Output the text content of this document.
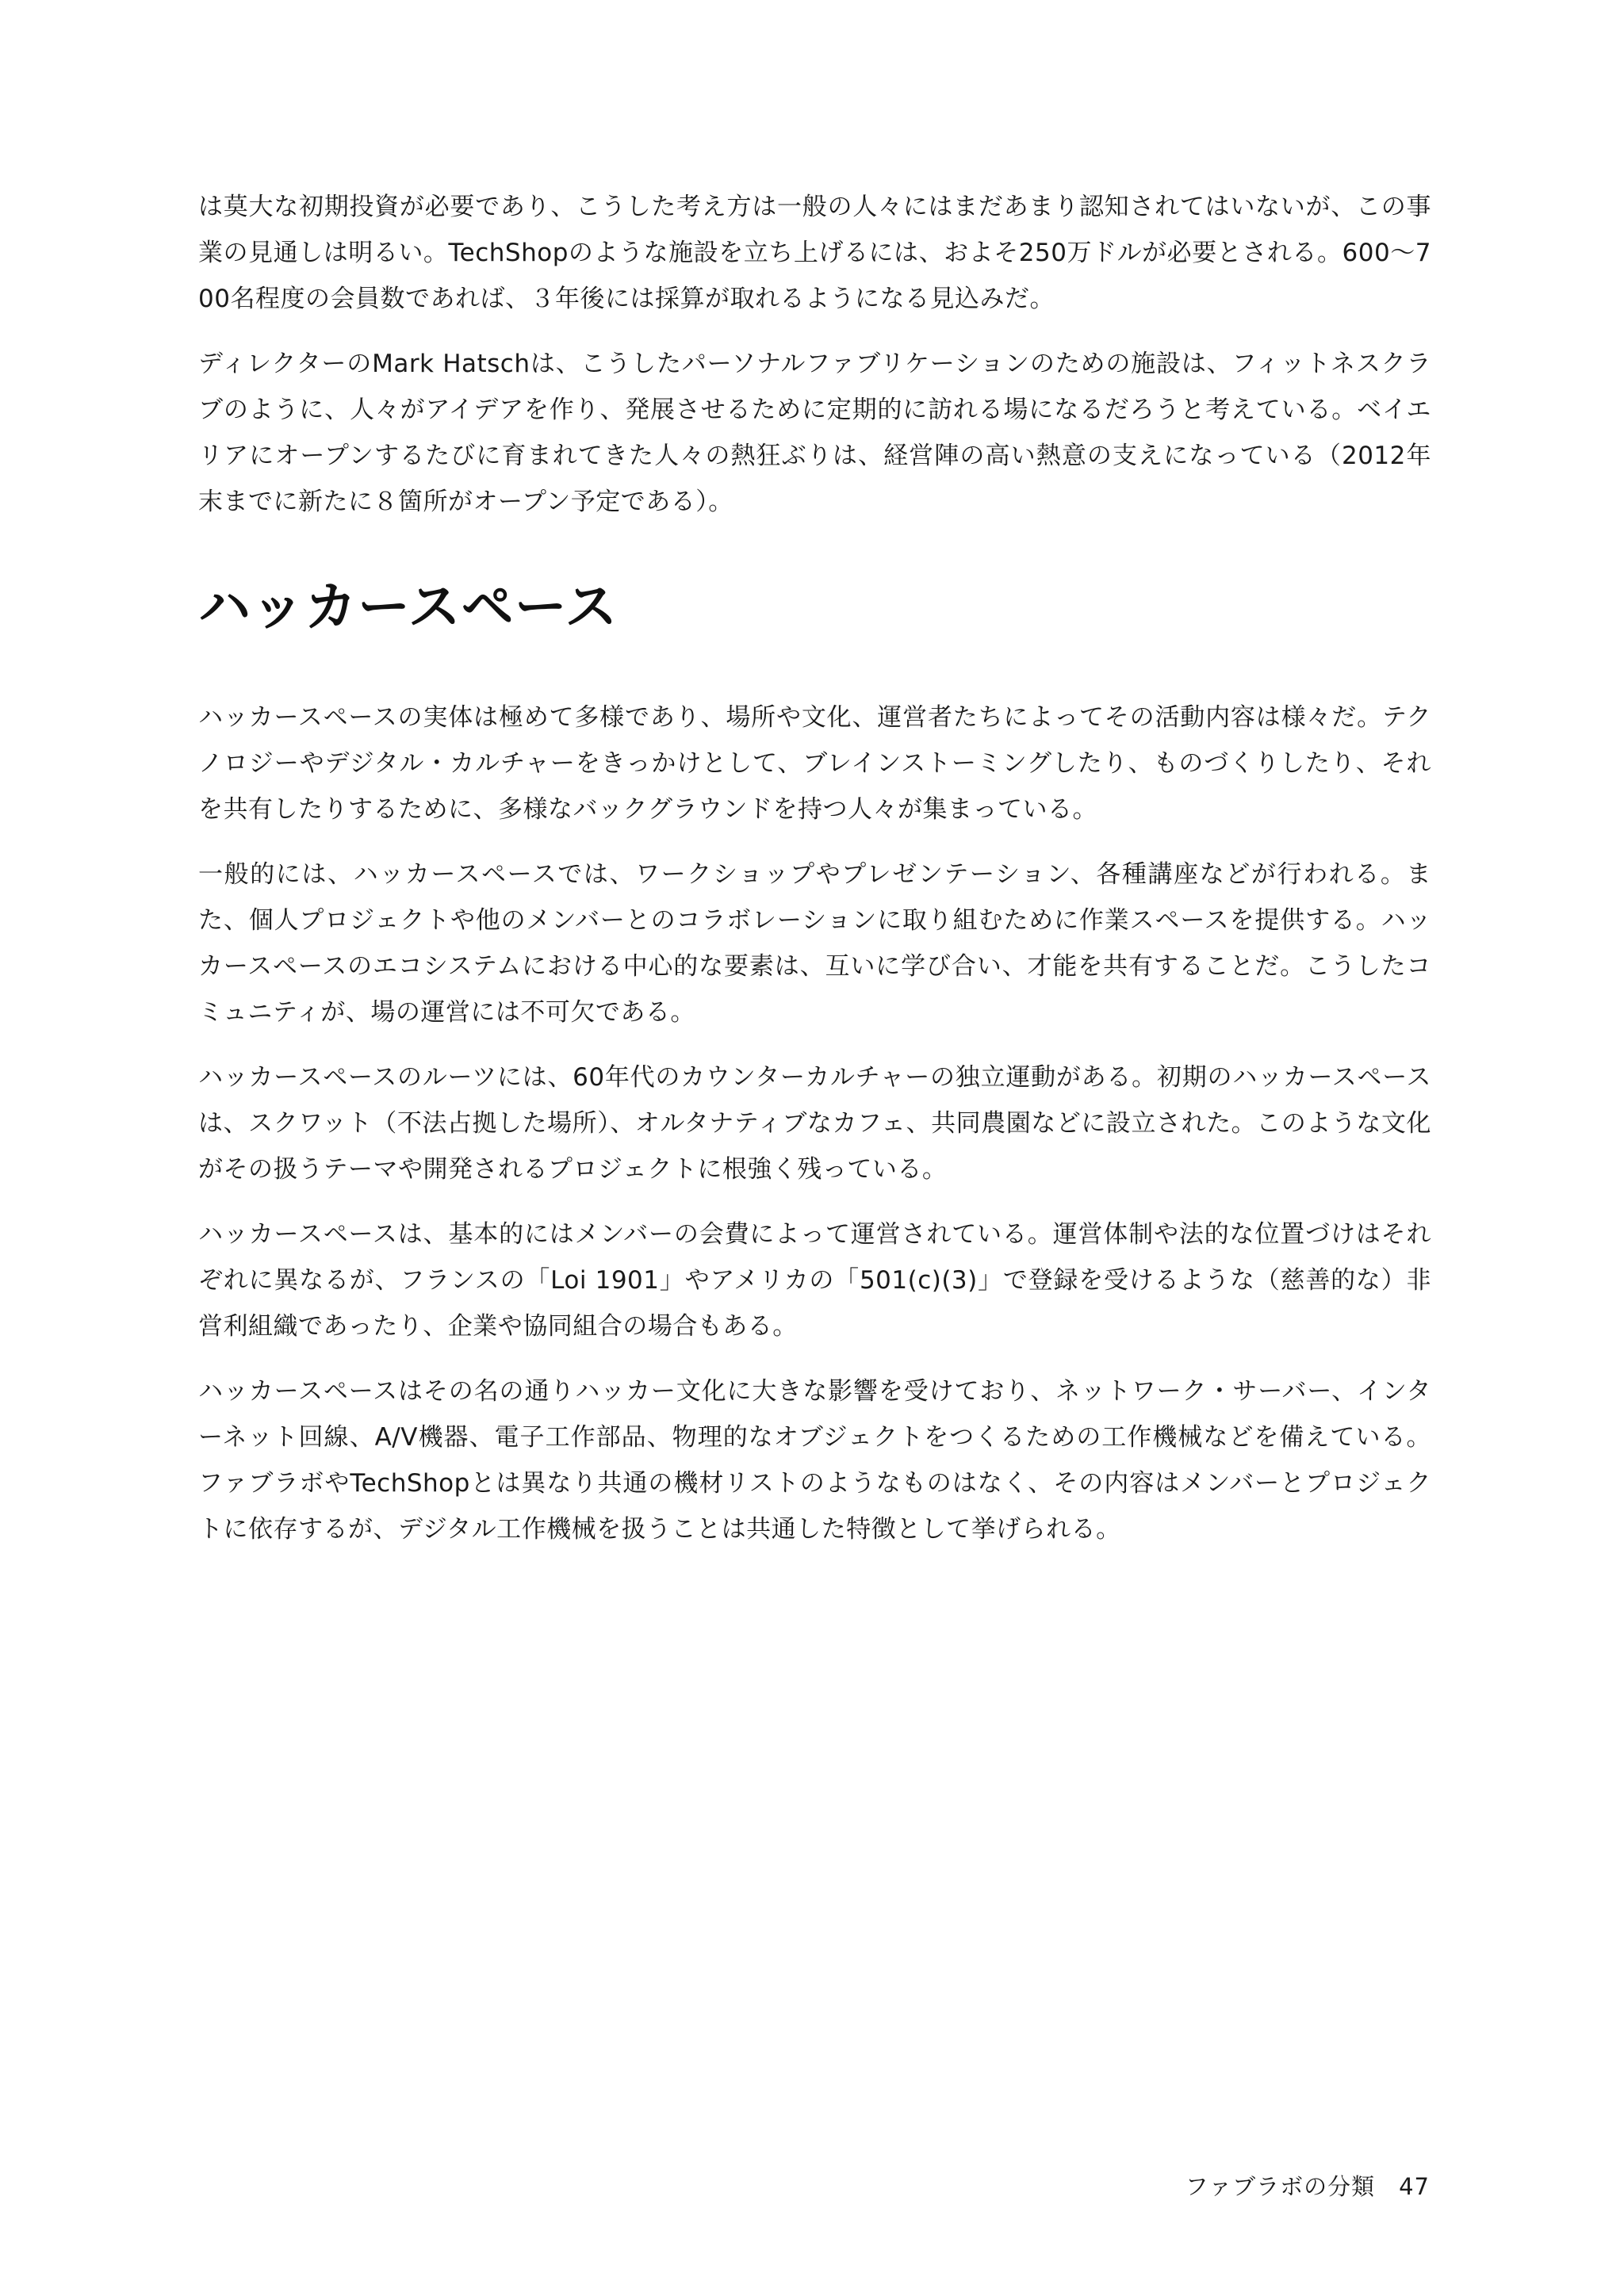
は莫大な初期投資が必要であり、こうした考え方は一般の人々にはまだあまり認知されてはいないが、この事業の見通しは明るい。TechShopのような施設を立ち上げるには、およそ250万ドルが必要とされる。600〜700名程度の会員数であれば、３年後には採算が取れるようになる見込みだ。

ディレクターのMark Hatschは、こうしたパーソナルファブリケーションのための施設は、フィットネスクラブのように、人々がアイデアを作り、発展させるために定期的に訪れる場になるだろうと考えている。ベイエリアにオープンするたびに育まれてきた人々の熱狂ぶりは、経営陣の高い熱意の支えになっている（2012年末までに新たに８箇所がオープン予定である）。

ハッカースペース

ハッカースペースの実体は極めて多様であり、場所や文化、運営者たちによってその活動内容は様々だ。テクノロジーやデジタル・カルチャーをきっかけとして、ブレインストーミングしたり、ものづくりしたり、それを共有したりするために、多様なバックグラウンドを持つ人々が集まっている。

一般的には、ハッカースペースでは、ワークショップやプレゼンテーション、各種講座などが行われる。また、個人プロジェクトや他のメンバーとのコラボレーションに取り組むために作業スペースを提供する。ハッカースペースのエコシステムにおける中心的な要素は、互いに学び合い、才能を共有することだ。こうしたコミュニティが、場の運営には不可欠である。

ハッカースペースのルーツには、60年代のカウンターカルチャーの独立運動がある。初期のハッカースペースは、スクワット（不法占拠した場所）、オルタナティブなカフェ、共同農園などに設立された。このような文化がその扱うテーマや開発されるプロジェクトに根強く残っている。

ハッカースペースは、基本的にはメンバーの会費によって運営されている。運営体制や法的な位置づけはそれぞれに異なるが、フランスの「Loi 1901」やアメリカの「501(c)(3)」で登録を受けるような（慈善的な）非営利組織であったり、企業や協同組合の場合もある。

ハッカースペースはその名の通りハッカー文化に大きな影響を受けており、ネットワーク・サーバー、インターネット回線、A/V機器、電子工作部品、物理的なオブジェクトをつくるための工作機械などを備えている。ファブラボやTechShopとは異なり共通の機材リストのようなものはなく、その内容はメンバーとプロジェクトに依存するが、デジタル工作機械を扱うことは共通した特徴として挙げられる。

ファブラボの分類 47
